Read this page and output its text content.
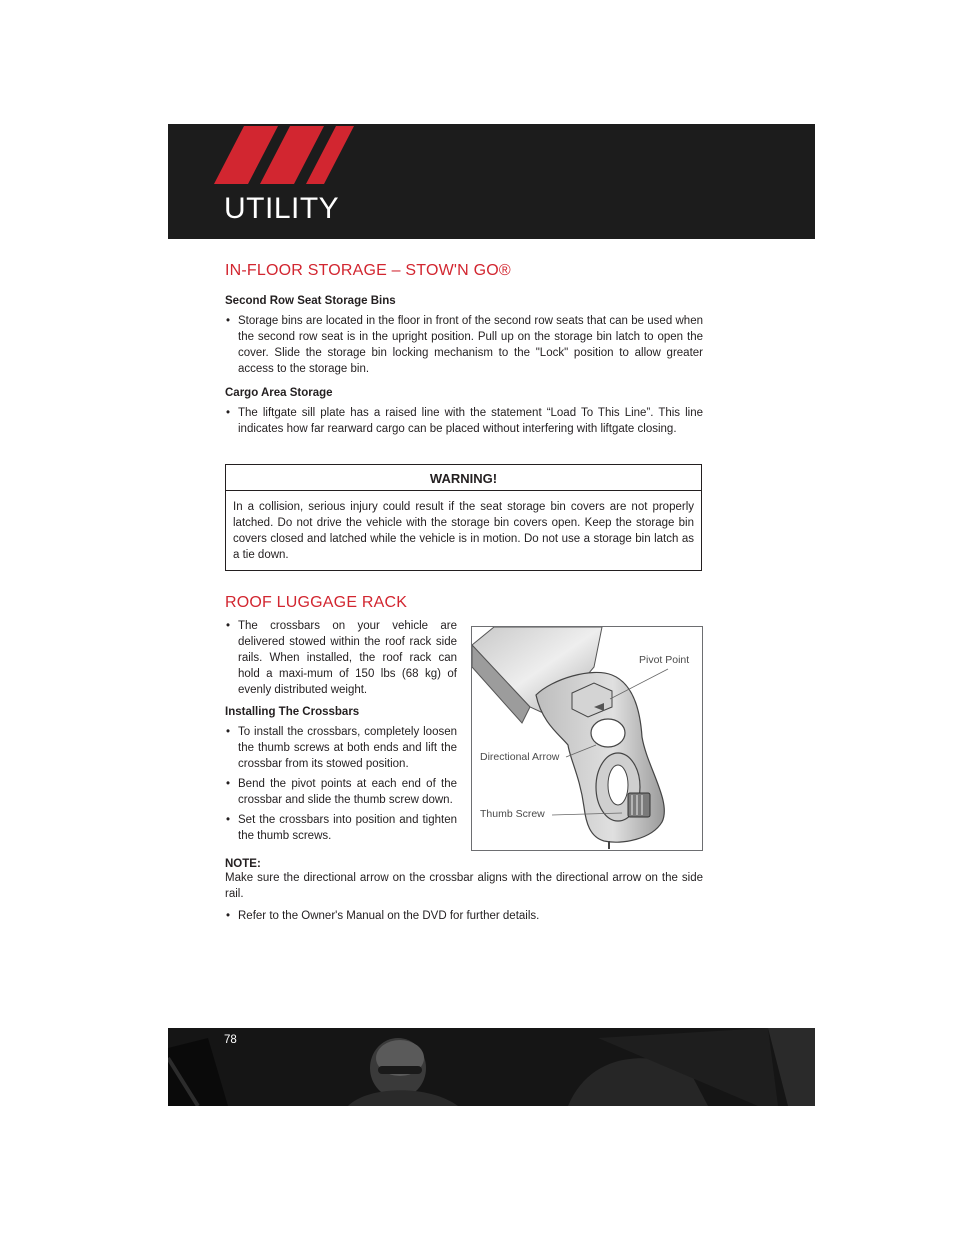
UTILITY
IN-FLOOR STORAGE – STOW'N GO®
Second Row Seat Storage Bins
• Storage bins are located in the floor in front of the second row seats that can be used when the second row seat is in the upright position. Pull up on the storage bin latch to open the cover. Slide the storage bin locking mechanism to the "Lock" position to allow greater access to the storage bin.
Cargo Area Storage
• The liftgate sill plate has a raised line with the statement “Load To This Line”. This line indicates how far rearward cargo can be placed without interfering with liftgate closing.
WARNING!
In a collision, serious injury could result if the seat storage bin covers are not properly latched. Do not drive the vehicle with the storage bin covers open. Keep the storage bin covers closed and latched while the vehicle is in motion. Do not use a storage bin latch as a tie down.
ROOF LUGGAGE RACK
• The crossbars on your vehicle are delivered stowed within the roof rack side rails. When installed, the roof rack can hold a maxi-mum of 150 lbs (68 kg) of evenly distributed weight.
Installing The Crossbars
• To install the crossbars, completely loosen the thumb screws at both ends and lift the crossbar from its stowed position.
• Bend the pivot points at each end of the crossbar and slide the thumb screw down.
• Set the crossbars into position and tighten the thumb screws.
Pivot Point
Directional Arrow
Thumb Screw
NOTE:

Make sure the directional arrow on the crossbar aligns with the directional arrow on the side rail.

• Refer to the Owner's Manual on the DVD for further details.
78
